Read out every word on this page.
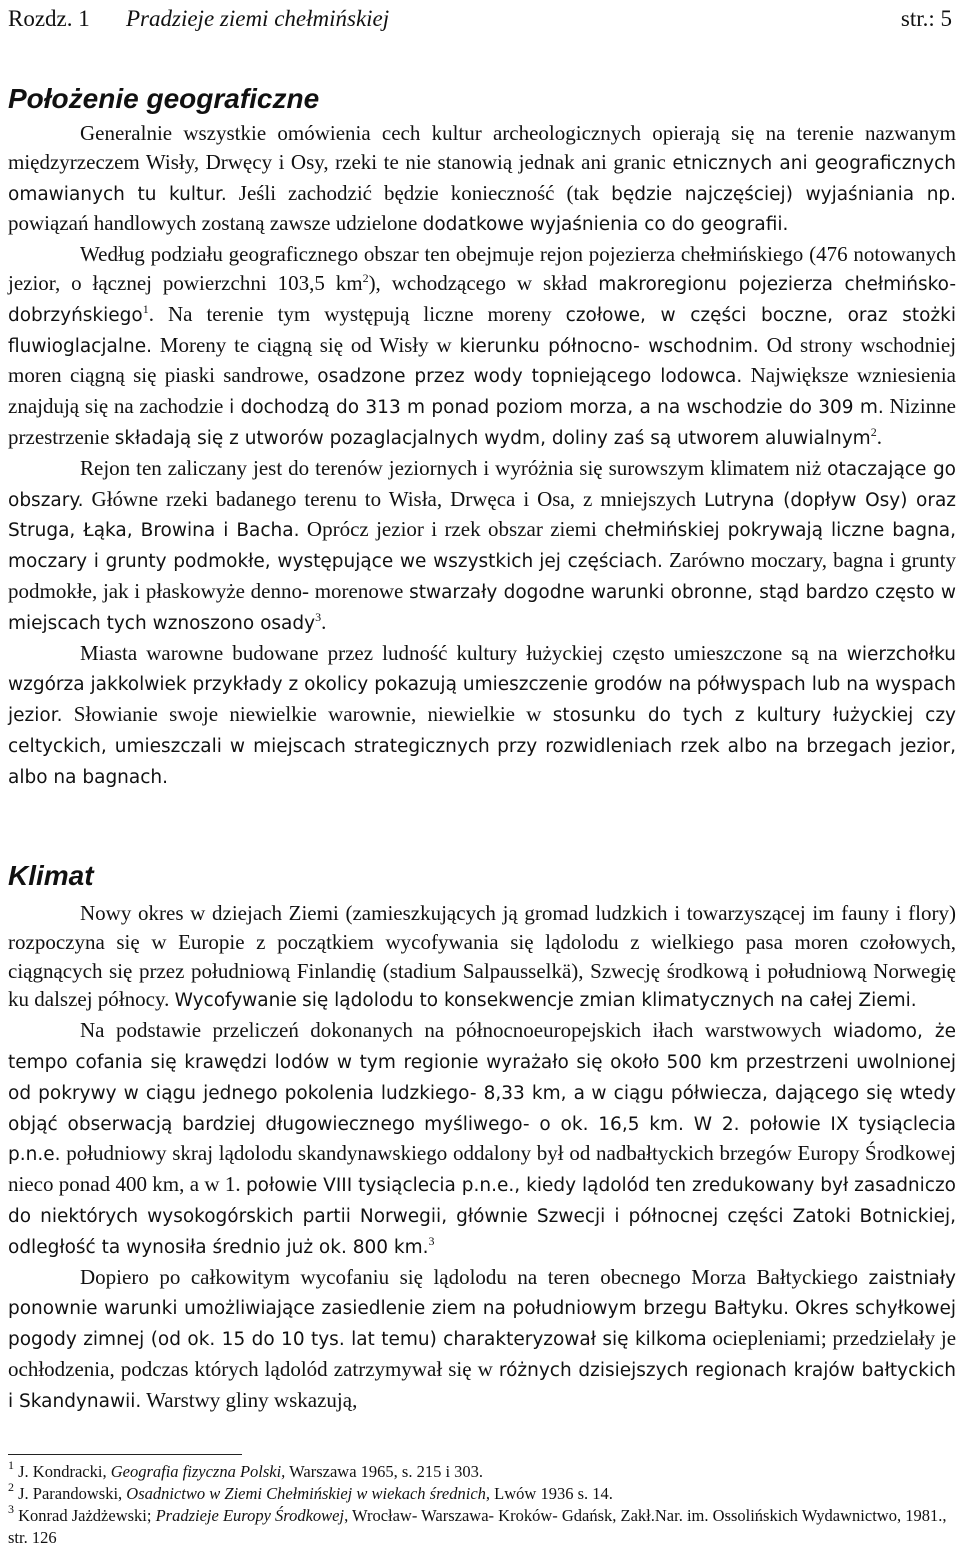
Rozdz. 1 Pradzieje ziemi chełmińskiej	str.: 5
Położenie geograficzne

Generalnie wszystkie omówienia cech kultur archeologicznych opierają się na terenie nazwanym międzyrzeczem Wisły, Drwęcy i Osy, rzeki te nie stanowią jednak ani granic etnicznych ani geograficznych omawianych tu kultur. Jeśli zachodzić będzie konieczność (tak będzie najczęściej) wyjaśniania np. powiązań handlowych zostaną zawsze udzielone dodatkowe wyjaśnienia co do geografii.

Według podziału geograficznego obszar ten obejmuje rejon pojezierza chełmińskiego (476 notowanych jezior, o łącznej powierzchni 103,5 $km^2$), wchodzącego w skład makroregionu pojezierza chełmińsko- dobrzyńskiego$^1$. Na terenie tym występują liczne moreny czołowe, w części boczne, oraz stożki fluwioglacjalne. Moreny te ciągną się od Wisły w kierunku północno- wschodnim. Od strony wschodniej moren ciągną się piaski sandrowe, osadzone przez wody topniejącego lodowca. Największe wzniesienia znajdują się na zachodzie i dochodzą do 313 m ponad poziom morza, a na wschodzie do 309 m. Nizinne przestrzenie składają się z utworów pozaglacjalnych wydm, doliny zaś są utworem aluwialnym$^2$.

Rejon ten zaliczany jest do terenów jeziornych i wyróżnia się surowszym klimatem niż otaczające go obszary. Główne rzeki badanego terenu to Wisła, Drwęca i Osa, z mniejszych Lutryna (dopływ Osy) oraz Struga, Łąka, Browina i Bacha. Oprócz jezior i rzek obszar ziemi chełmińskiej pokrywają liczne bagna, moczary i grunty podmokłe, występujące we wszystkich jej częściach. Zarówno moczary, bagna i grunty podmokłe, jak i płaskowyże denno- morenowe stwarzały dogodne warunki obronne, stąd bardzo często w miejscach tych wznoszono osady$^3$.

Miasta warowne budowane przez ludność kultury łużyckiej często umieszczone są na wierzchołku wzgórza jakkolwiek przykłady z okolicy pokazują umieszczenie grodów na półwyspach lub na wyspach jezior. Słowianie swoje niewielkie warownie, niewielkie w stosunku do tych z kultury łużyckiej czy celtyckich, umieszczali w miejscach strategicznych przy rozwidleniach rzek albo na brzegach jezior, albo na bagnach.

Klimat

Nowy okres w dziejach Ziemi (zamieszkujących ją gromad ludzkich i towarzyszącej im fauny i flory) rozpoczyna się w Europie z początkiem wycofywania się lądolodu z wielkiego pasa moren czołowych, ciągnących się przez południową Finlandię (stadium Salpausselkä), Szwecję środkową i południową Norwegię ku dalszej północy. Wycofywanie się lądolodu to konsekwencje zmian klimatycznych na całej Ziemi.

Na podstawie przeliczeń dokonanych na północnoeuropejskich iłach warstwowych wiadomo, że tempo cofania się krawędzi lodów w tym regionie wyrażało się około 500 km przestrzeni uwolnionej od pokrywy w ciągu jednego pokolenia ludzkiego- 8,33 km, a w ciągu półwiecza, dającego się wtedy objąć obserwacją bardziej długowiecznego myśliwego- o ok. 16,5 km. W 2. połowie IX tysiąclecia p.n.e. południowy skraj lądolodu skandynawskiego oddalony był od nadbałtyckich brzegów Europy Środkowej nieco ponad 400 km, a w 1. połowie VIII tysiąclecia p.n.e., kiedy lądolód ten zredukowany był zasadniczo do niektórych wysokogórskich partii Norwegii, głównie Szwecji i północnej części Zatoki Botnickiej, odległość ta wynosiła średnio już ok. 800 km.$^3$

Dopiero po całkowitym wycofaniu się lądolodu na teren obecnego Morza Bałtyckiego zaistniały ponownie warunki umożliwiające zasiedlenie ziem na południowym brzegu Bałtyku. Okres schyłkowej pogody zimnej (od ok. 15 do 10 tys. lat temu) charakteryzował się kilkoma ociepleniami; przedzielały je ochłodzenia, podczas których lądolód zatrzymywał się w różnych dzisiejszych regionach krajów bałtyckich i Skandynawii. Warstwy gliny wskazują,

$^1$ J. Kondracki, Geografia fizyczna Polski, Warszawa 1965, s. 215 i 303.

$^2$ J. Parandowski, Osadnictwo w Ziemi Chełmińskiej w wiekach średnich, Lwów 1936 s. 14.

$^3$ Konrad Jażdżewski; Pradzieje Europy Środkowej, Wrocław- Warszawa- Kroków- Gdańsk, Zakł.Nar. im. Ossolińskich Wydawnictwo, 1981., str. 126
